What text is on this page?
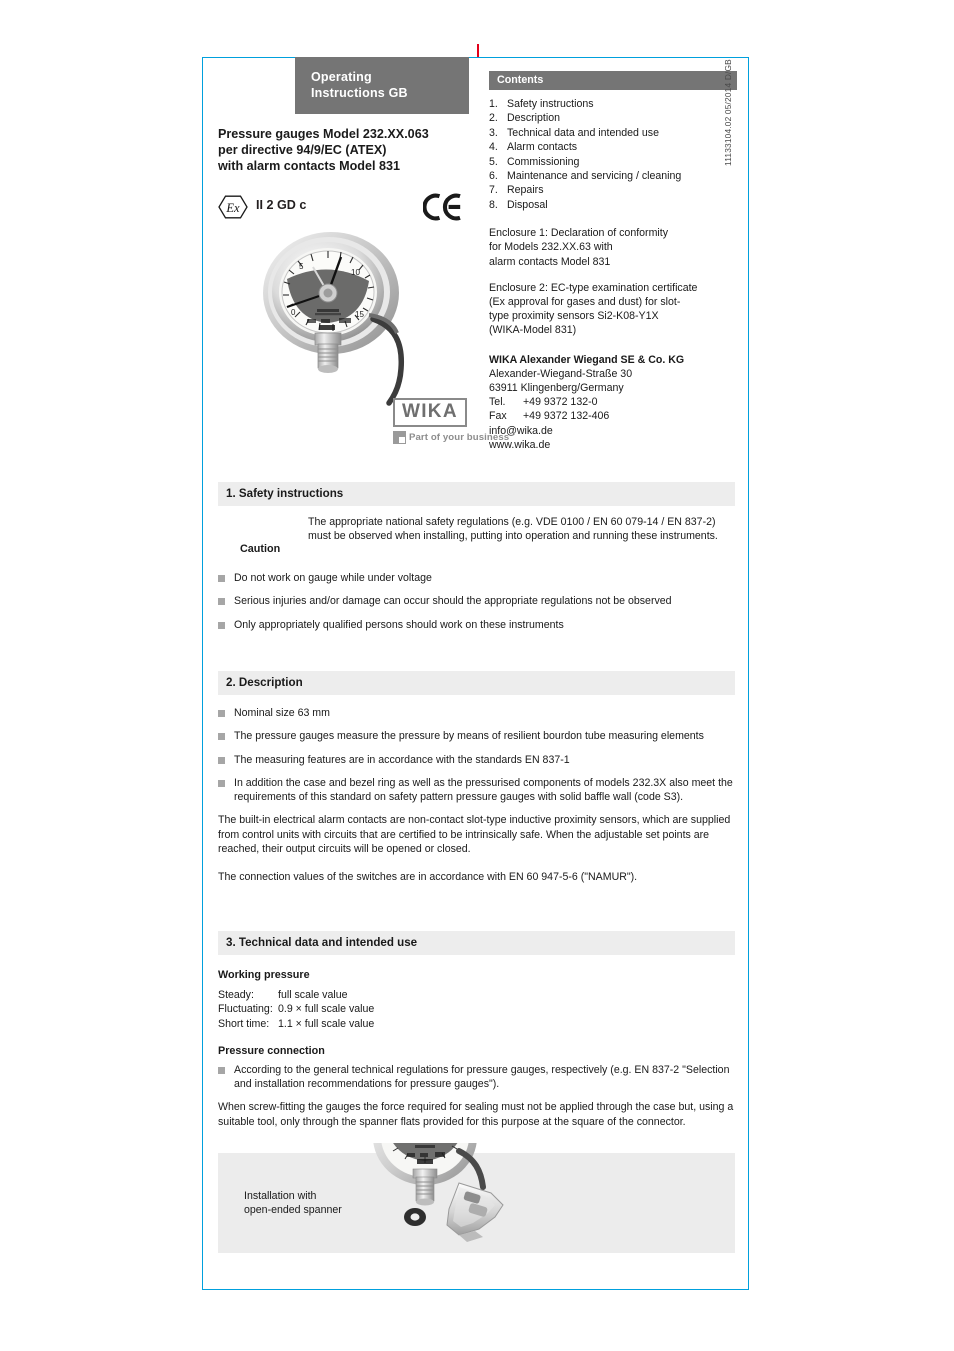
Operating
Instructions GB
Pressure gauges Model 232.XX.063
per directive 94/9/EC (ATEX)
with alarm contacts Model 831
Ex II 2 GD c
5
10
15
0
WIKA
Part of your business
Contents
1. Safety instructions
2. Description
3. Technical data and intended use
4. Alarm contacts
5. Commissioning
6. Maintenance and servicing / cleaning
7. Repairs
8. Disposal
Enclosure 1: Declaration of conformity
for Models 232.XX.63 with
alarm contacts Model 831
Enclosure 2: EC-type examination certificate
(Ex approval for gases and dust) for slot-
type proximity sensors Si2-K08-Y1X
(WIKA-Model 831)
WIKA Alexander Wiegand SE & Co. KG
Alexander-Wiegand-Straße 30
63911 Klingenberg/Germany
Tel.	+49 9372 132-0
Fax	+49 9372 132-406
info@wika.de
www.wika.de
11133104.02 05/2014 D/GB
1. Safety instructions
Caution
The appropriate national safety regulations (e.g. VDE 0100 / EN 60 079-14 / EN 837-2) must be observed when installing, putting into operation and running these instruments.
Do not work on gauge while under voltage
Serious injuries and/or damage can occur should the appropriate regulations not be observed
Only appropriately qualified persons should work on these instruments
2. Description
Nominal size 63 mm
The pressure gauges measure the pressure by means of resilient bourdon tube measuring elements
The measuring features are in accordance with the standards EN 837-1
In addition the case and bezel ring as well as the pressurised components of models 232.3X also meet the requirements of this standard on safety pattern pressure gauges with solid baffle wall (code S3).
The built-in electrical alarm contacts are non-contact slot-type inductive proximity sensors, which are supplied from control units with circuits that are certified to be intrinsically safe. When the adjustable set points are reached, their output circuits will be opened or closed.
The connection values of the switches are in accordance with EN 60 947-5-6 ("NAMUR").
3. Technical data and intended use
Working pressure
Steady:	full scale value
Fluctuating: 0.9 × full scale value
Short time: 1.1 × full scale value
Pressure connection
According to the general technical regulations for pressure gauges, respectively (e.g. EN 837-2 "Selection and installation recommendations for pressure gauges").
When screw-fitting the gauges the force required for sealing must not be applied through the case but, using a suitable tool, only through the spanner flats provided for this purpose at the square of the connector.
Installation with
open-ended spanner
